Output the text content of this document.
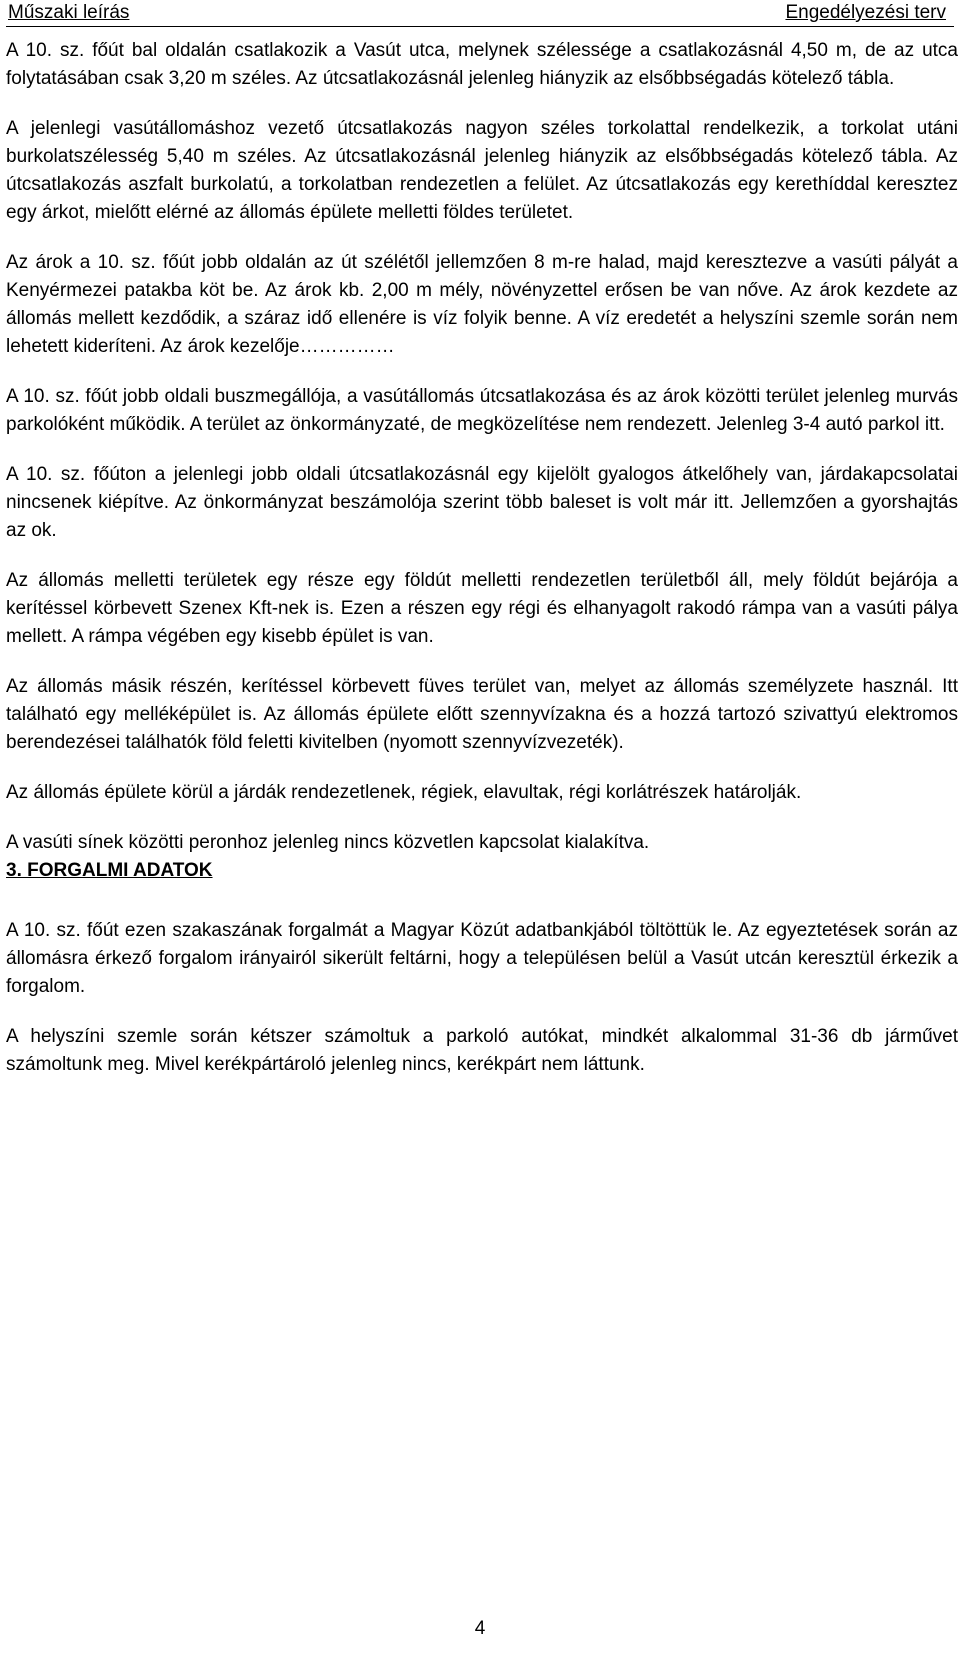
Műszaki leírás	Engedélyezési terv

A 10. sz. főút bal oldalán csatlakozik a Vasút utca, melynek szélessége a csatlakozásnál 4,50 m, de az utca folytatásában csak 3,20 m széles. Az útcsatlakozásnál jelenleg hiányzik az elsőbbségadás kötelező tábla.

A jelenlegi vasútállomáshoz vezető útcsatlakozás nagyon széles torkolattal rendelkezik, a torkolat utáni burkolatszélesség 5,40 m széles. Az útcsatlakozásnál jelenleg hiányzik az elsőbbségadás kötelező tábla. Az útcsatlakozás aszfalt burkolatú, a torkolatban rendezetlen a felület. Az útcsatlakozás egy kerethíddal keresztez egy árkot, mielőtt elérné az állomás épülete melletti földes területet.

Az árok a 10. sz. főút jobb oldalán az út szélétől jellemzően 8 m-re halad, majd keresztezve a vasúti pályát a Kenyérmezei patakba köt be. Az árok kb. 2,00 m mély, növényzettel erősen be van nőve. Az árok kezdete az állomás mellett kezdődik, a száraz idő ellenére is víz folyik benne. A víz eredetét a helyszíni szemle során nem lehetett kideríteni. Az árok kezelője……………

A 10. sz. főút jobb oldali buszmegállója, a vasútállomás útcsatlakozása és az árok közötti terület jelenleg murvás parkolóként működik. A terület az önkormányzaté, de megközelítése nem rendezett. Jelenleg 3-4 autó parkol itt.

A 10. sz. főúton a jelenlegi jobb oldali útcsatlakozásnál egy kijelölt gyalogos átkelőhely van, járdakapcsolatai nincsenek kiépítve. Az önkormányzat beszámolója szerint több baleset is volt már itt. Jellemzően a gyorshajtás az ok.

Az állomás melletti területek egy része egy földút melletti rendezetlen területből áll, mely földút bejárója a kerítéssel körbevett Szenex Kft-nek is. Ezen a részen egy régi és elhanyagolt rakodó rámpa van a vasúti pálya mellett. A rámpa végében egy kisebb épület is van.

Az állomás másik részén, kerítéssel körbevett füves terület van, melyet az állomás személyzete használ. Itt található egy melléképület is. Az állomás épülete előtt szennyvízakna és a hozzá tartozó szivattyú elektromos berendezései találhatók föld feletti kivitelben (nyomott szennyvízvezeték).

Az állomás épülete körül a járdák rendezetlenek, régiek, elavultak, régi korlátrészek határolják.

A vasúti sínek közötti peronhoz jelenleg nincs közvetlen kapcsolat kialakítva.

3. FORGALMI ADATOK

A 10. sz. főút ezen szakaszának forgalmát a Magyar Közút adatbankjából töltöttük le. Az egyeztetések során az állomásra érkező forgalom irányairól sikerült feltárni, hogy a településen belül a Vasút utcán keresztül érkezik a forgalom.

A helyszíni szemle során kétszer számoltuk a parkoló autókat, mindkét alkalommal 31-36 db járművet számoltunk meg. Mivel kerékpártároló jelenleg nincs, kerékpárt nem láttunk.

4
